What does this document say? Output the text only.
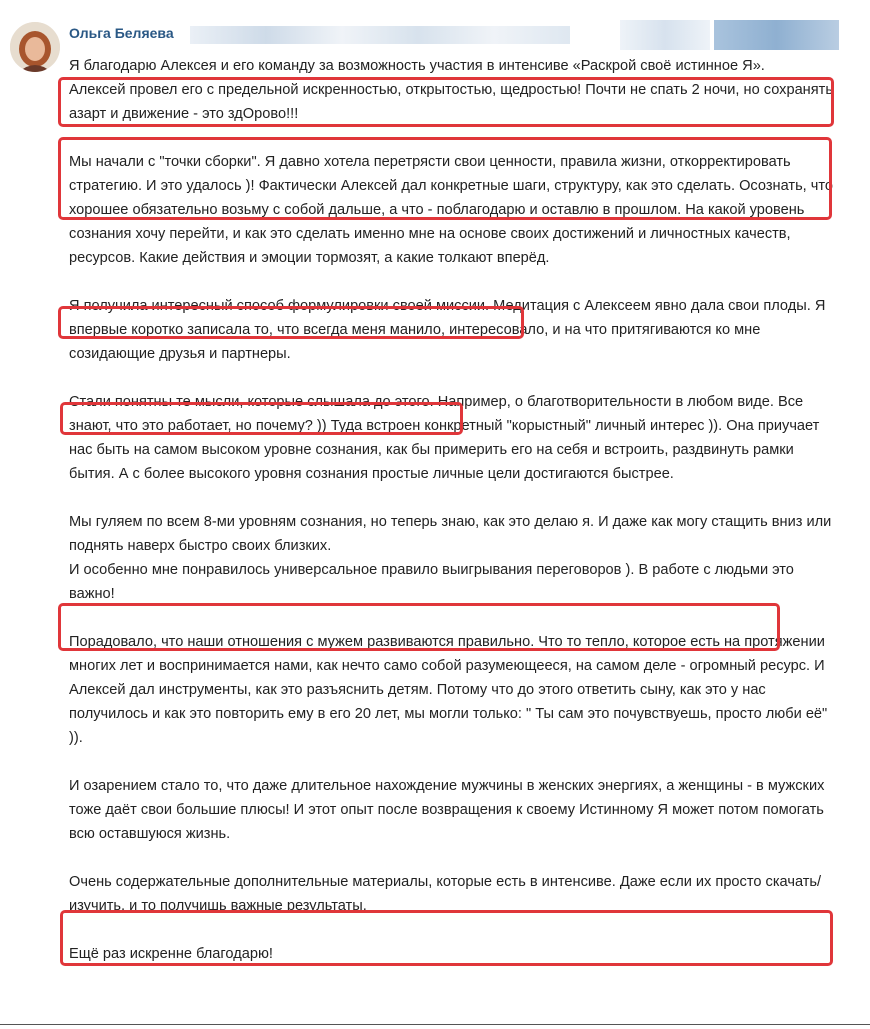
Ольга Беляева

Я благодарю Алексея и его команду за возможность участия в интенсиве «Раскрой своё истинное Я».

Алексей провел его с предельной искренностью, открытостью, щедростью! Почти не спать 2 ночи, но сохранять азарт и движение - это здОрово!!!

Мы начали с "точки сборки". Я давно хотела перетрясти свои ценности, правила жизни, откорректировать стратегию. И это удалось )! Фактически Алексей дал конкретные шаги, структуру, как это сделать. Осознать, что хорошее обязательно возьму с собой дальше, а что - поблагодарю и оставлю в прошлом. На какой уровень сознания хочу перейти, и как это сделать именно мне на основе своих достижений и личностных качеств, ресурсов. Какие действия и эмоции тормозят, а какие толкают вперёд.

Я получила интересный способ формулировки своей миссии. Медитация с Алексеем явно дала свои плоды. Я впервые коротко записала то, что всегда меня манило, интересовало, и на что притягиваются ко мне созидающие друзья и партнеры.

Стали понятны те мысли, которые слышала до этого. Например, о благотворительности в любом виде. Все знают, что это работает, но почему? )) Туда встроен конкретный "корыстный" личный интерес )). Она приучает нас быть на самом высоком уровне сознания, как бы примерить его на себя и встроить, раздвинуть рамки бытия. А с более высокого уровня сознания простые личные цели достигаются быстрее.

Мы гуляем по всем 8-ми уровням сознания, но теперь знаю, как это делаю я. И даже как могу стащить вниз или поднять наверх быстро своих близких.

И особенно мне понравилось универсальное правило выигрывания переговоров ). В работе с людьми это важно!

Порадовало, что наши отношения с мужем развиваются правильно. Что то тепло, которое есть на протяжении многих лет и воспринимается нами, как нечто само собой разумеющееся, на самом деле - огромный ресурс. И Алексей дал инструменты, как это разъяснить детям. Потому что до этого ответить сыну, как это у нас получилось и как это повторить ему в его 20 лет, мы могли только: " Ты сам это почувствуешь, просто люби её" )).

И озарением стало то, что даже длительное нахождение мужчины в женских энергиях, а женщины - в мужских тоже даёт свои большие плюсы! И этот опыт после возвращения к своему Истинному Я может потом помогать всю оставшуюся жизнь.

Очень содержательные дополнительные материалы, которые есть в интенсиве. Даже если их просто скачать/изучить, и то получишь важные результаты.

Ещё раз искренне благодарю!
